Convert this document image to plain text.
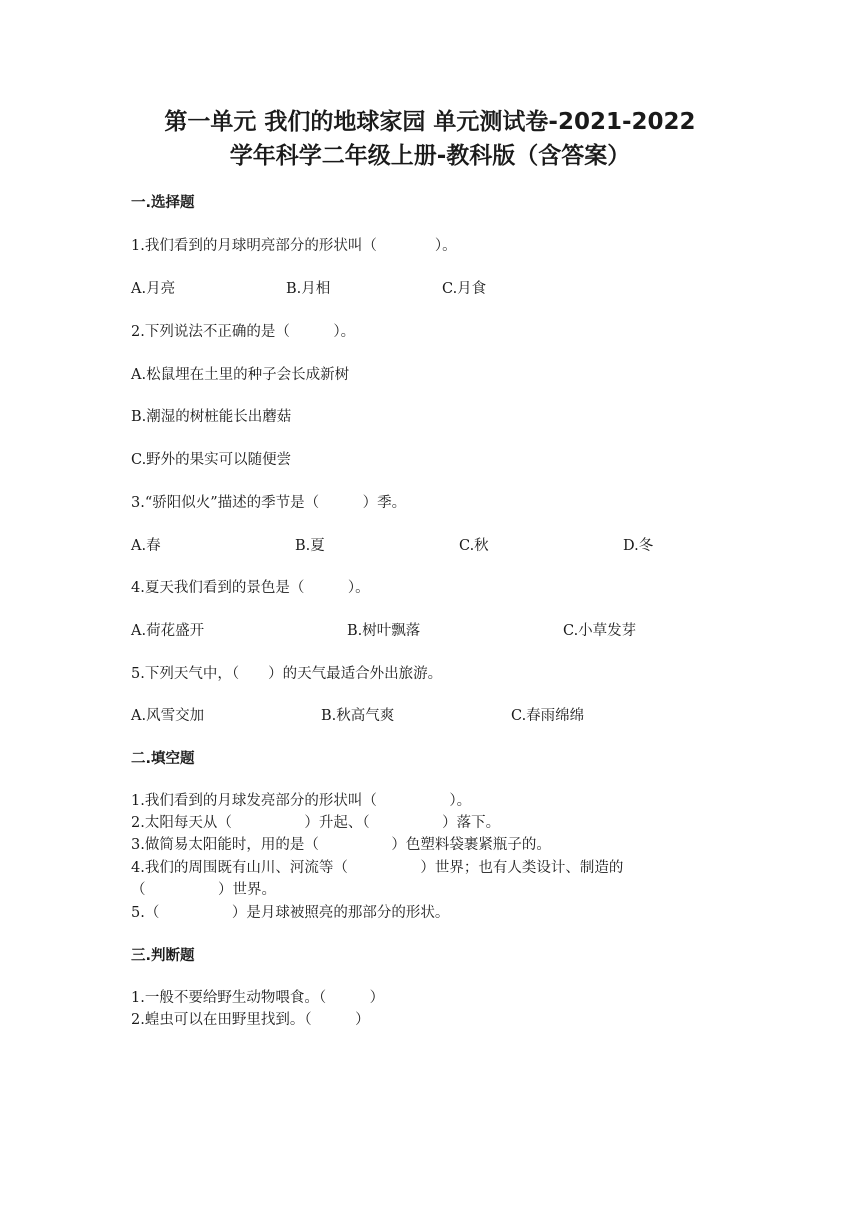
第一单元 我们的地球家园 单元测试卷-2021-2022
学年科学二年级上册-教科版（含答案）
一.选择题
1.我们看到的月球明亮部分的形状叫（　　　　）。
A.月亮	B.月相	C.月食
2.下列说法不正确的是（　　　）。
A.松鼠埋在土里的种子会长成新树
B.潮湿的树桩能长出蘑菇
C.野外的果实可以随便尝
3.“骄阳似火”描述的季节是（　　　）季。
A.春	B.夏	C.秋	D.冬
4.夏天我们看到的景色是（　　　）。
A.荷花盛开	B.树叶飘落	C.小草发芽
5.下列天气中，（　　）的天气最适合外出旅游。
A.风雪交加	B.秋高气爽	C.春雨绵绵
二.填空题
1.我们看到的月球发亮部分的形状叫（　　　　　）。
2.太阳每天从（　　　　　）升起、（　　　　　）落下。
3.做简易太阳能时，用的是（　　　　　）色塑料袋裹紧瓶子的。
4.我们的周围既有山川、河流等（　　　　　）世界；也有人类设计、制造的
（　　　　　）世界。
5.（　　　　　）是月球被照亮的那部分的形状。
三.判断题
1.一般不要给野生动物喂食。（　　　）
2.蝗虫可以在田野里找到。（　　　）
